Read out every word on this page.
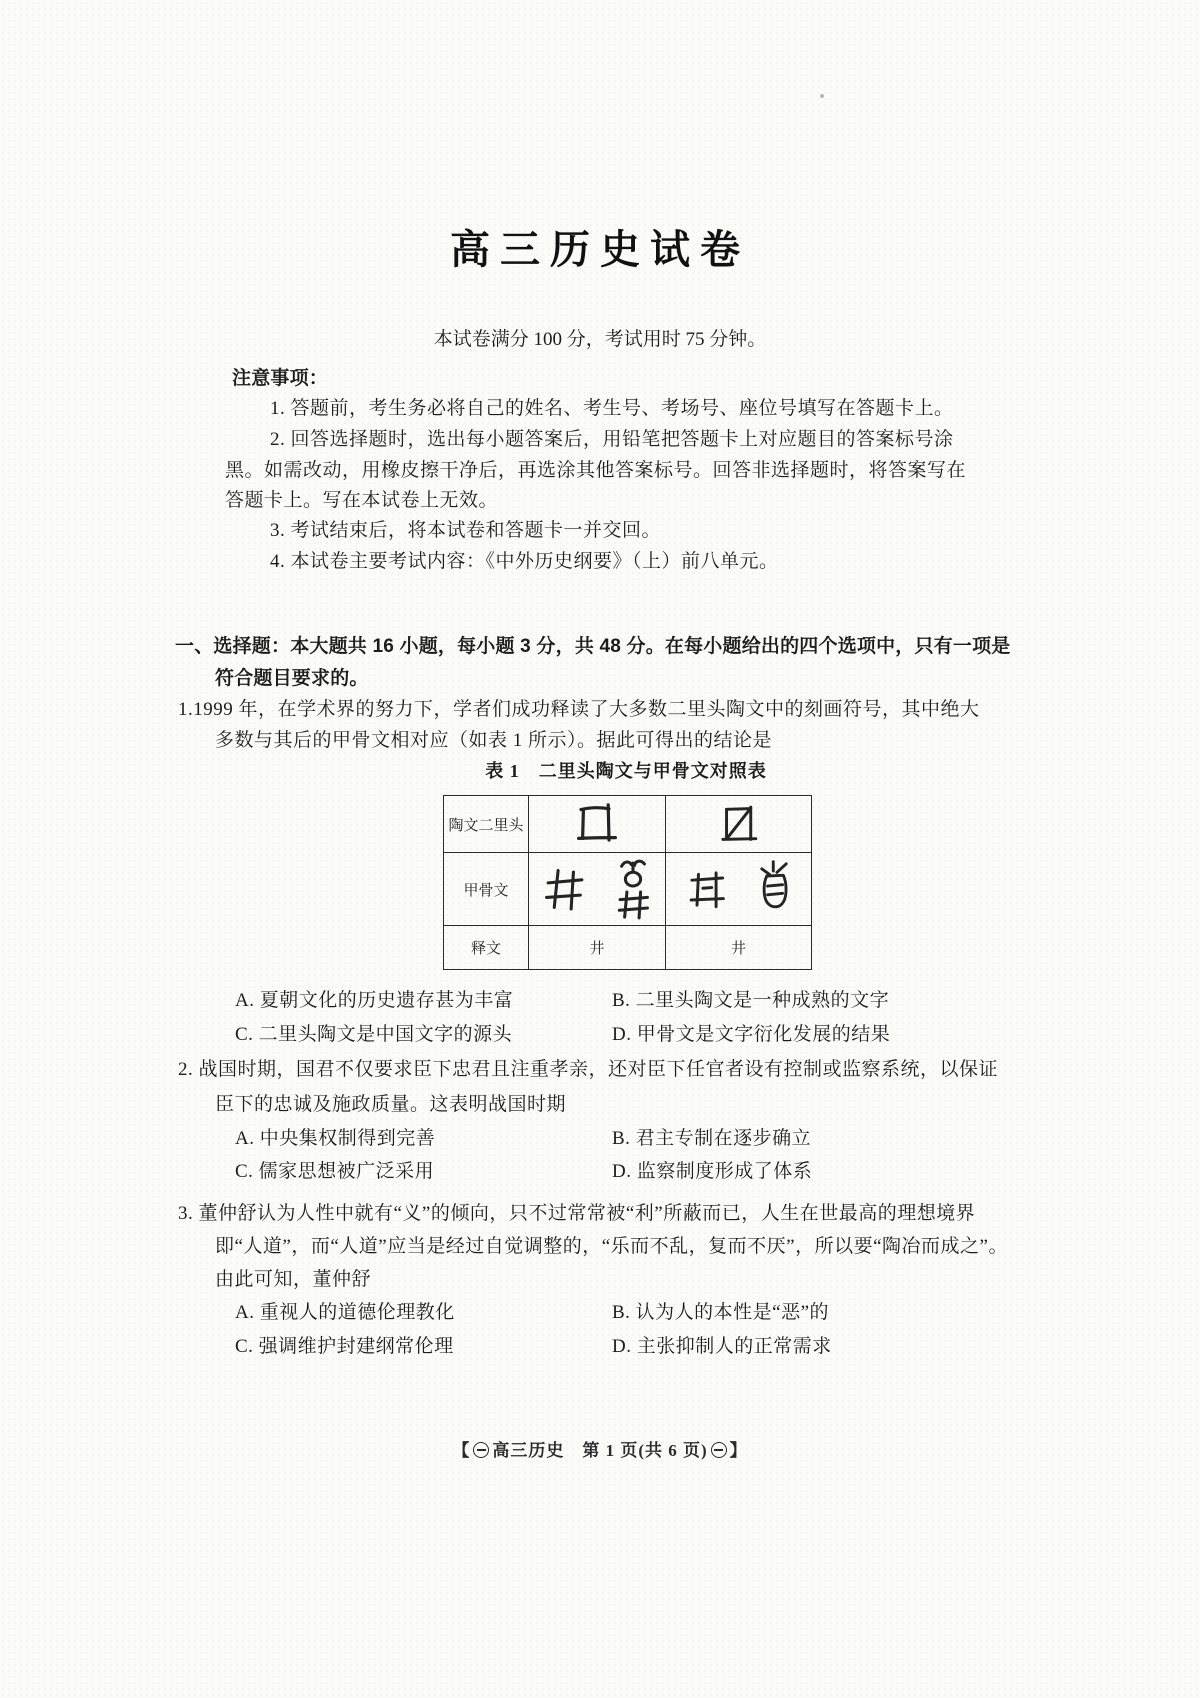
高三历史试卷
本试卷满分 100 分，考试用时 75 分钟。
注意事项：
1. 答题前，考生务必将自己的姓名、考生号、考场号、座位号填写在答题卡上。
2. 回答选择题时，选出每小题答案后，用铅笔把答题卡上对应题目的答案标号涂
黑。如需改动，用橡皮擦干净后，再选涂其他答案标号。回答非选择题时，将答案写在
答题卡上。写在本试卷上无效。
3. 考试结束后，将本试卷和答题卡一并交回。
4. 本试卷主要考试内容：《中外历史纲要》（上）前八单元。
一、选择题：本大题共 16 小题，每小题 3 分，共 48 分。在每小题给出的四个选项中，只有一项是
符合题目要求的。
1.1999 年，在学术界的努力下，学者们成功释读了大多数二里头陶文中的刻画符号，其中绝大
多数与其后的甲骨文相对应（如表 1 所示）。据此可得出的结论是
表 1　二里头陶文与甲骨文对照表
陶文二里头	

甲骨文	

释文	井	井
A. 夏朝文化的历史遗存甚为丰富	B. 二里头陶文是一种成熟的文字
C. 二里头陶文是中国文字的源头	D. 甲骨文是文字衍化发展的结果
2. 战国时期，国君不仅要求臣下忠君且注重孝亲，还对臣下任官者设有控制或监察系统，以保证
臣下的忠诚及施政质量。这表明战国时期
A. 中央集权制得到完善	B. 君主专制在逐步确立
C. 儒家思想被广泛采用	D. 监察制度形成了体系
3. 董仲舒认为人性中就有“义”的倾向，只不过常常被“利”所蔽而已，人生在世最高的理想境界
即“人道”，而“人道”应当是经过自觉调整的，“乐而不乱，复而不厌”，所以要“陶冶而成之”。
由此可知，董仲舒
A. 重视人的道德伦理教化	B. 认为人的本性是“恶”的
C. 强调维护封建纲常伦理	D. 主张抑制人的正常需求
【 高三历史　第 1 页(共 6 页) 】
